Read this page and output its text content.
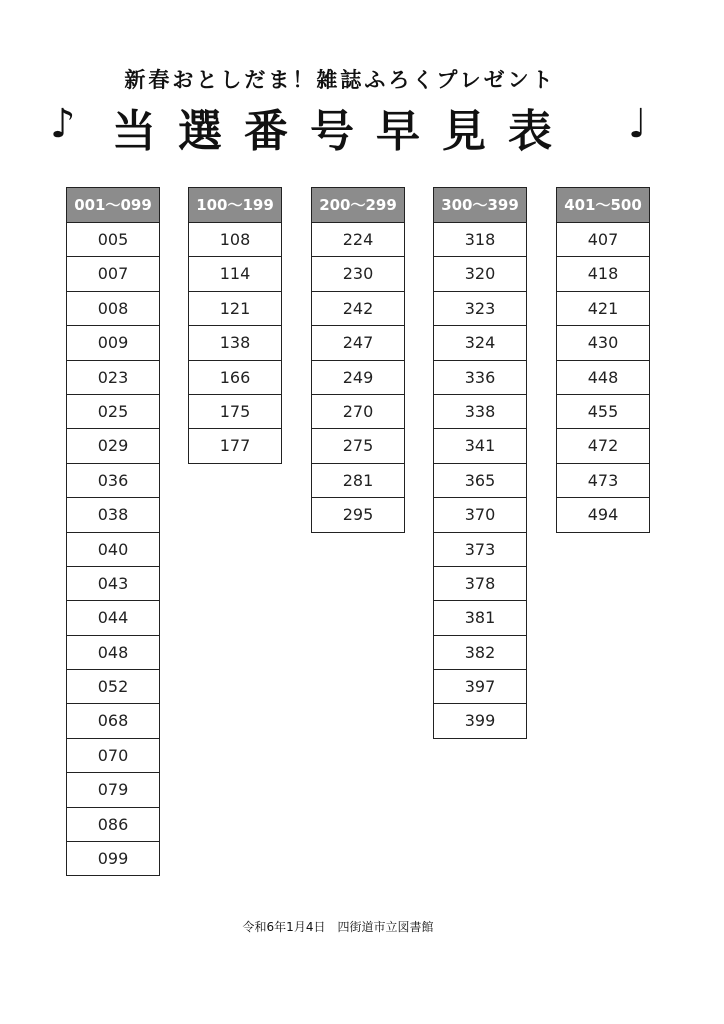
新春おとしだま！雑誌ふろくプレゼント
♪ 当選番号早見表	♩
001～099
005
007
008
009
023
025
029
036
038
040
043
044
048
052
068
070
079
086
099
100～199
108
114
121
138
166
175
177
200～299
224
230
242
247
249
270
275
281
295
300～399
318
320
323
324
336
338
341
365
370
373
378
381
382
397
399
401～500
407
418
421
430
448
455
472
473
494
令和6年1月4日　四街道市立図書館
